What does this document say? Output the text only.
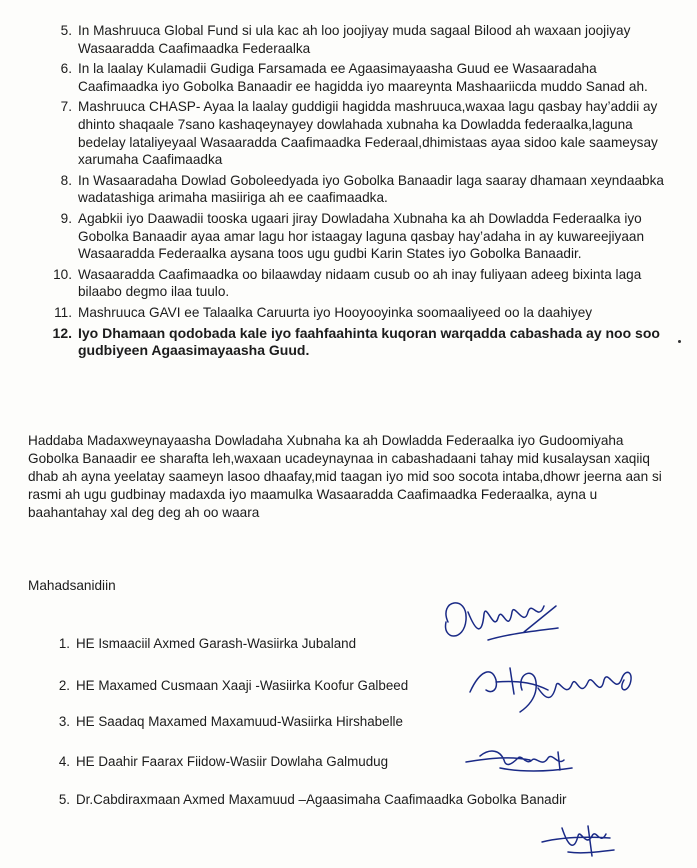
5. In Mashruuca Global Fund si ula kac ah loo joojiyay muda sagaal Bilood ah waxaan joojiyay Wasaaradda Caafimaadka Federaalka
6. In la laalay Kulamadii Gudiga Farsamada ee Agaasimayaasha Guud ee Wasaaradaha Caafimaadka iyo Gobolka Banaadir ee hagidda iyo maareynta Mashaariicda muddo Sanad ah.
7. Mashruuca CHASP- Ayaa la laalay guddigii hagidda mashruuca,waxaa lagu qasbay hay’addii ay dhinto shaqaale 7sano kashaqeynayey dowlahada xubnaha ka Dowladda federaalka,laguna bedelay lataliyeyaal Wasaaradda Caafimaadka Federaal,dhimistaas ayaa sidoo kale saameysay xarumaha Caafimaadka
8. In Wasaaradaha Dowlad Goboleedyada iyo Gobolka Banaadir laga saaray dhamaan xeyndaabka wadatashiga arimaha masiiriga ah ee caafimaadka.
9. Agabkii iyo Daawadii tooska ugaari jiray Dowladaha Xubnaha ka ah Dowladda Federaalka iyo Gobolka Banaadir ayaa amar lagu hor istaagay laguna qasbay hay’adaha in ay kuwareejiyaan Wasaaradda Federaalka aysana toos ugu gudbi Karin States iyo Gobolka Banaadir.
10. Wasaaradda Caafimaadka oo bilaawday nidaam cusub oo ah inay fuliyaan adeeg bixinta laga bilaabo degmo ilaa tuulo.
11. Mashruuca GAVI ee Talaalka Caruurta iyo Hooyooyinka soomaaliyeed oo la daahiyey
12. Iyo Dhamaan qodobada kale iyo faahfaahinta kuqoran warqadda cabashada ay noo soo gudbiyeen Agaasimayaasha Guud.

Haddaba Madaxweynayaasha Dowladaha Xubnaha ka ah Dowladda Federaalka iyo Gudoomiyaha Gobolka Banaadir ee sharafta leh,waxaan ucadeynaynaa in cabashadaani tahay mid kusalaysan xaqiiq dhab ah ayna yeelatay saameyn lasoo dhaafay,mid taagan iyo mid soo socota intaba,dhowr jeerna aan si rasmi ah ugu gudbinay madaxda iyo maamulka Wasaaradda Caafimaadka Federaalka, ayna u baahantahay xal deg deg ah oo waara

Mahadsanidiin

1. HE Ismaaciil Axmed Garash-Wasiirka Jubaland
2. HE Maxamed Cusmaan Xaaji -Wasiirka Koofur Galbeed
3. HE Saadaq Maxamed Maxamuud-Wasiirka Hirshabelle
4. HE Daahir Faarax Fiidow-Wasiir Dowlaha Galmudug
5. Dr.Cabdiraxmaan Axmed Maxamuud –Agaasimaha Caafimaadka Gobolka Banadir
